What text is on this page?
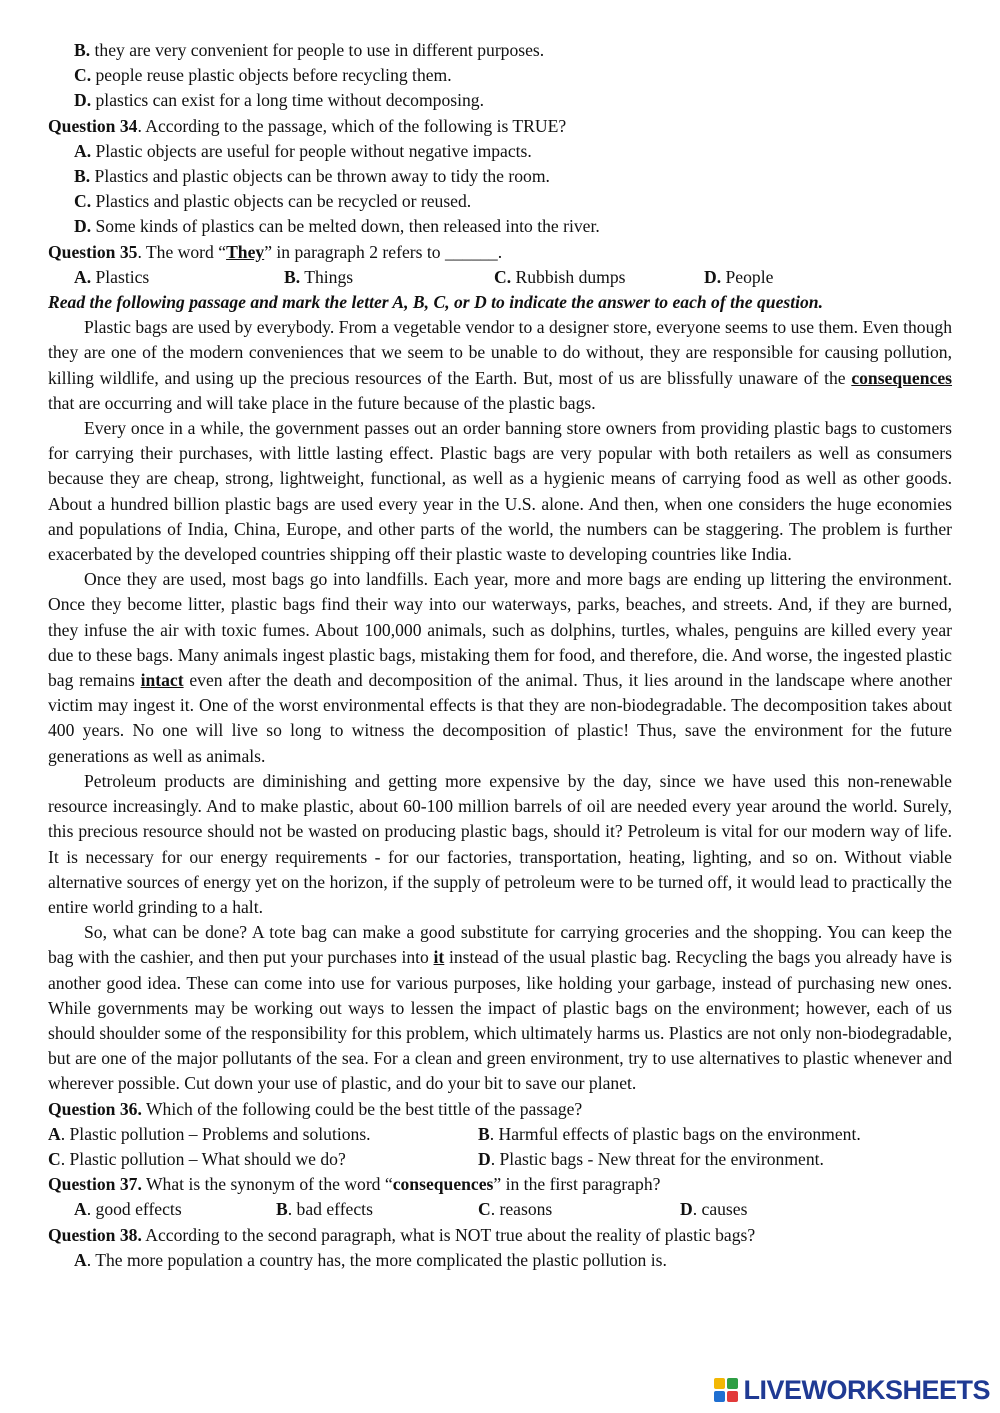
B. they are very convenient for people to use in different purposes.
C. people reuse plastic objects before recycling them.
D. plastics can exist for a long time without decomposing.
Question 34. According to the passage, which of the following is TRUE?
A. Plastic objects are useful for people without negative impacts.
B. Plastics and plastic objects can be thrown away to tidy the room.
C. Plastics and plastic objects can be recycled or reused.
D. Some kinds of plastics can be melted down, then released into the river.
Question 35. The word “They” in paragraph 2 refers to ______.
A. Plastics	B. Things	C. Rubbish dumps	D. People
Read the following passage and mark the letter A, B, C, or D to indicate the answer to each of the question.

Plastic bags are used by everybody. From a vegetable vendor to a designer store, everyone seems to use them. Even though they are one of the modern conveniences that we seem to be unable to do without, they are responsible for causing pollution, killing wildlife, and using up the precious resources of the Earth. But, most of us are blissfully unaware of the consequences that are occurring and will take place in the future because of the plastic bags.

Every once in a while, the government passes out an order banning store owners from providing plastic bags to customers for carrying their purchases, with little lasting effect. Plastic bags are very popular with both retailers as well as consumers because they are cheap, strong, lightweight, functional, as well as a hygienic means of carrying food as well as other goods. About a hundred billion plastic bags are used every year in the U.S. alone. And then, when one considers the huge economies and populations of India, China, Europe, and other parts of the world, the numbers can be staggering. The problem is further exacerbated by the developed countries shipping off their plastic waste to developing countries like India.

Once they are used, most bags go into landfills. Each year, more and more bags are ending up littering the environment. Once they become litter, plastic bags find their way into our waterways, parks, beaches, and streets. And, if they are burned, they infuse the air with toxic fumes. About 100,000 animals, such as dolphins, turtles, whales, penguins are killed every year due to these bags. Many animals ingest plastic bags, mistaking them for food, and therefore, die. And worse, the ingested plastic bag remains intact even after the death and decomposition of the animal. Thus, it lies around in the landscape where another victim may ingest it. One of the worst environmental effects is that they are non-biodegradable. The decomposition takes about 400 years. No one will live so long to witness the decomposition of plastic! Thus, save the environment for the future generations as well as animals.

Petroleum products are diminishing and getting more expensive by the day, since we have used this non-renewable resource increasingly. And to make plastic, about 60-100 million barrels of oil are needed every year around the world. Surely, this precious resource should not be wasted on producing plastic bags, should it? Petroleum is vital for our modern way of life. It is necessary for our energy requirements - for our factories, transportation, heating, lighting, and so on. Without viable alternative sources of energy yet on the horizon, if the supply of petroleum were to be turned off, it would lead to practically the entire world grinding to a halt.

So, what can be done? A tote bag can make a good substitute for carrying groceries and the shopping. You can keep the bag with the cashier, and then put your purchases into it instead of the usual plastic bag. Recycling the bags you already have is another good idea. These can come into use for various purposes, like holding your garbage, instead of purchasing new ones. While governments may be working out ways to lessen the impact of plastic bags on the environment; however, each of us should shoulder some of the responsibility for this problem, which ultimately harms us. Plastics are not only non-biodegradable, but are one of the major pollutants of the sea. For a clean and green environment, try to use alternatives to plastic whenever and wherever possible. Cut down your use of plastic, and do your bit to save our planet.

Question 36. Which of the following could be the best tittle of the passage?
A. Plastic pollution – Problems and solutions.	B. Harmful effects of plastic bags on the environment.
C. Plastic pollution – What should we do?	D. Plastic bags - New threat for the environment.
Question 37. What is the synonym of the word “consequences” in the first paragraph?
A. good effects	B. bad effects	C. reasons	D. causes
Question 38. According to the second paragraph, what is NOT true about the reality of plastic bags?
A. The more population a country has, the more complicated the plastic pollution is.
LIVEWORKSHEETS
